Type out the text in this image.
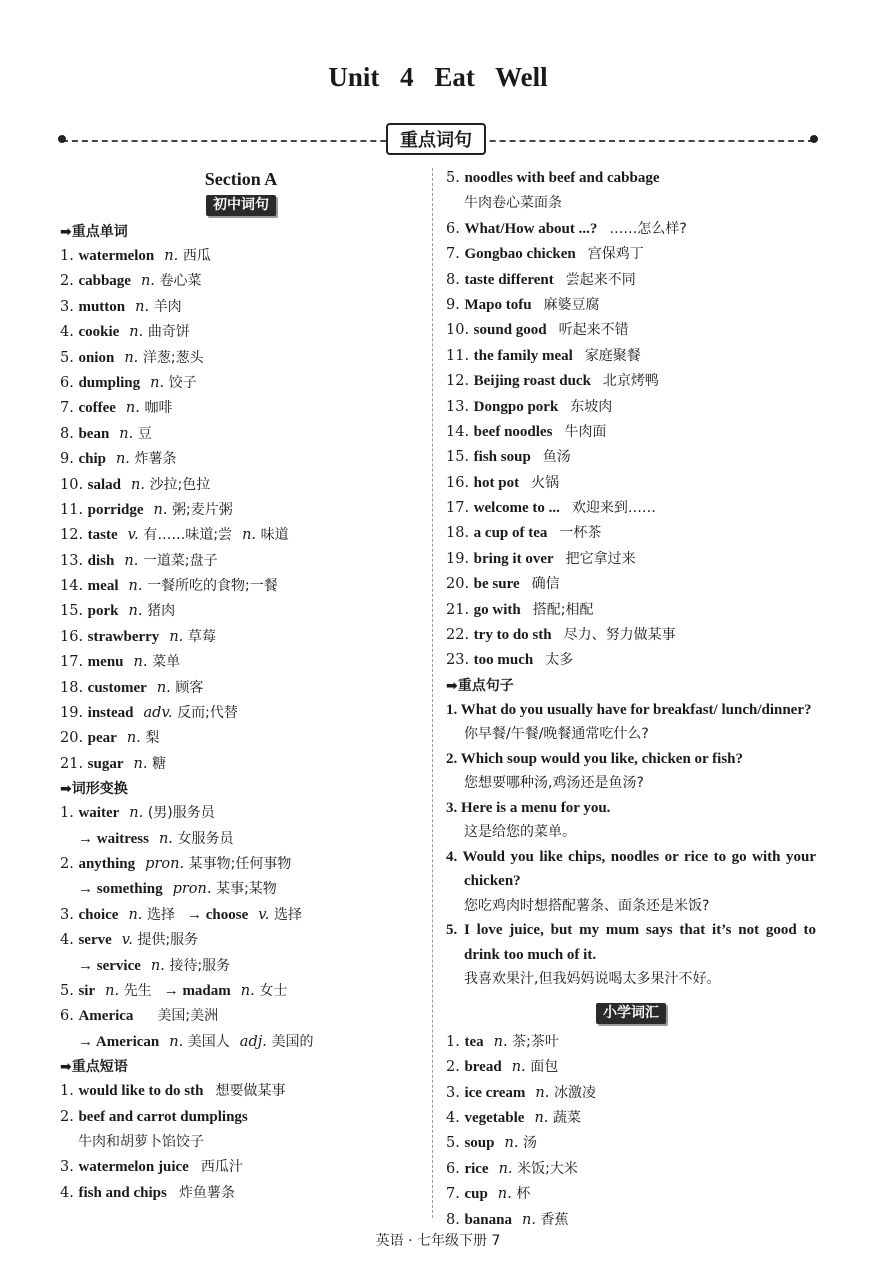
Unit 4 Eat Well
重点词句
Section A
初中词句
➡重点单词
1. watermelon n. 西瓜
2. cabbage n. 卷心菜
3. mutton n. 羊肉
4. cookie n. 曲奇饼
5. onion n. 洋葱;葱头
6. dumpling n. 饺子
7. coffee n. 咖啡
8. bean n. 豆
9. chip n. 炸薯条
10. salad n. 沙拉;色拉
11. porridge n. 粥;麦片粥
12. taste v. 有……味道;尝 n. 味道
13. dish n. 一道菜;盘子
14. meal n. 一餐所吃的食物;一餐
15. pork n. 猪肉
16. strawberry n. 草莓
17. menu n. 菜单
18. customer n. 顾客
19. instead adv. 反而;代替
20. pear n. 梨
21. sugar n. 糖
➡词形变换
1. waiter n. (男)服务员
→ waitress n. 女服务员
2. anything pron. 某事物;任何事物
→ something pron. 某事;某物
3. choice n. 选择 → choose v. 选择
4. serve v. 提供;服务
→ service n. 接待;服务
5. sir n. 先生 → madam n. 女士
6. America 美国;美洲
→ American n. 美国人 adj. 美国的
➡重点短语
1. would like to do sth 想要做某事
2. beef and carrot dumplings
牛肉和胡萝卜馅饺子
3. watermelon juice 西瓜汁
4. fish and chips 炸鱼薯条
5. noodles with beef and cabbage
牛肉卷心菜面条
6. What/How about ...? ……怎么样?
7. Gongbao chicken 宫保鸡丁
8. taste different 尝起来不同
9. Mapo tofu 麻婆豆腐
10. sound good 听起来不错
11. the family meal 家庭聚餐
12. Beijing roast duck 北京烤鸭
13. Dongpo pork 东坡肉
14. beef noodles 牛肉面
15. fish soup 鱼汤
16. hot pot 火锅
17. welcome to ... 欢迎来到……
18. a cup of tea 一杯茶
19. bring it over 把它拿过来
20. be sure 确信
21. go with 搭配;相配
22. try to do sth 尽力、努力做某事
23. too much 太多
➡重点句子
1. What do you usually have for breakfast/ lunch/dinner?
你早餐/午餐/晚餐通常吃什么?
2. Which soup would you like, chicken or fish?
您想要哪种汤,鸡汤还是鱼汤?
3. Here is a menu for you.
这是给您的菜单。
4. Would you like chips, noodles or rice to go with your chicken?
您吃鸡肉时想搭配薯条、面条还是米饭?
5. I love juice, but my mum says that it’s not good to drink too much of it.
我喜欢果汁,但我妈妈说喝太多果汁不好。
小学词汇
1. tea n. 茶;茶叶
2. bread n. 面包
3. ice cream n. 冰激凌
4. vegetable n. 蔬菜
5. soup n. 汤
6. rice n. 米饭;大米
7. cup n. 杯
8. banana n. 香蕉
英语 · 七年级下册 7
